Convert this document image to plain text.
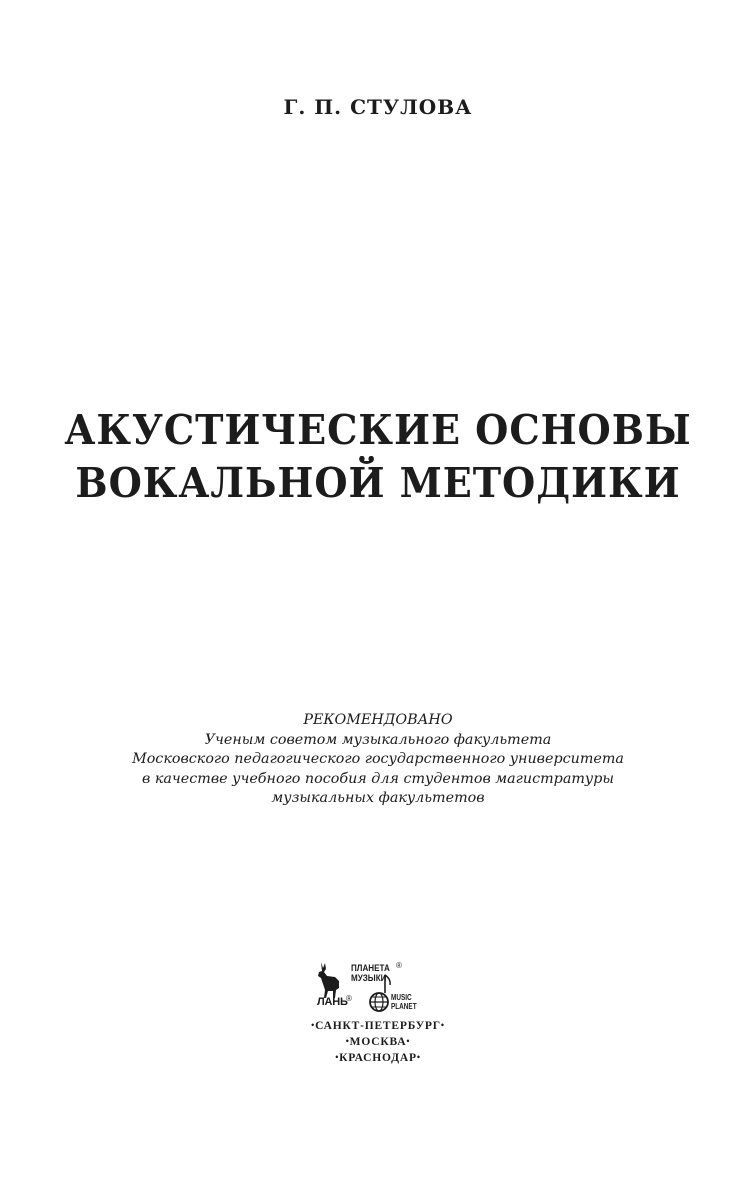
Г. П. СТУЛОВА
АКУСТИЧЕСКИЕ ОСНОВЫ
ВОКАЛЬНОЙ МЕТОДИКИ
РЕКОМЕНДОВАНО
Ученым советом музыкального факультета
Московского педагогического государственного университета
в качестве учебного пособия для студентов магистратуры
музыкальных факультетов
ЛАНЬ
®
ПЛАНЕТА
МУЗЫКИ
®
MUSIC
PLANET
•САНКТ-ПЕТЕРБУРГ•
•МОСКВА•
•КРАСНОДАР•
